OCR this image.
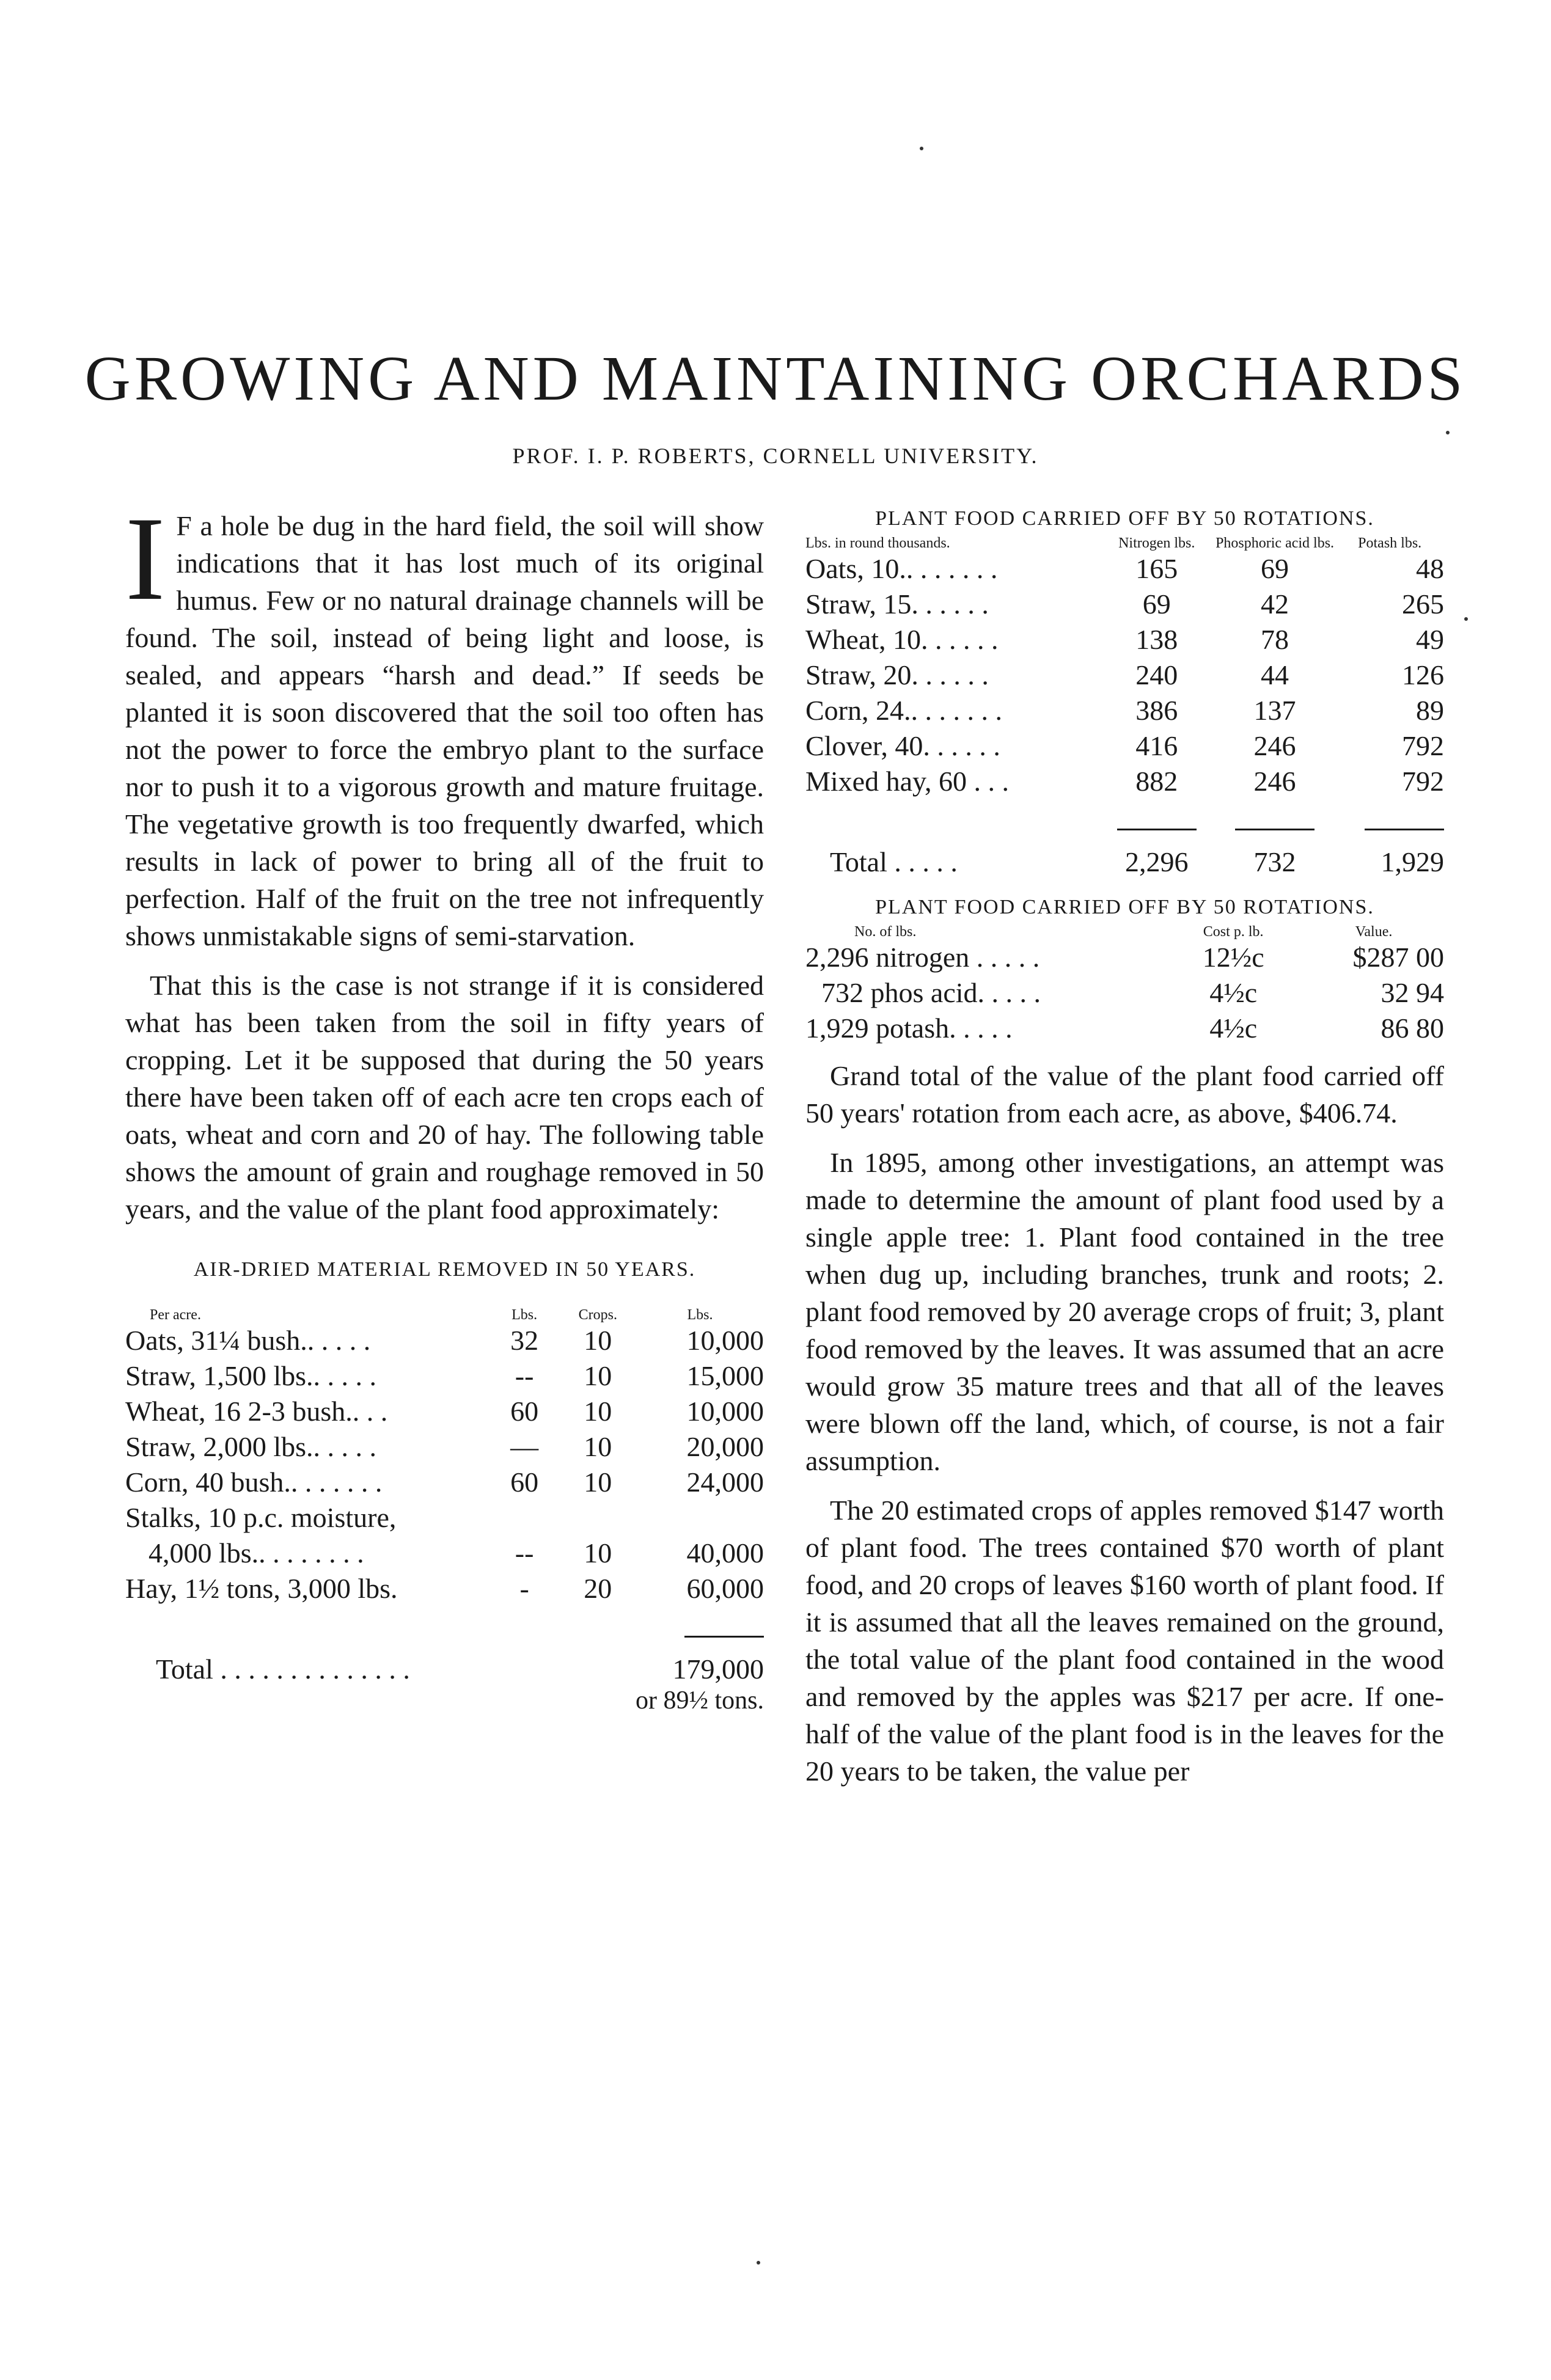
GROWING AND MAINTAINING ORCHARDS
PROF. I. P. ROBERTS, CORNELL UNIVERSITY.

I F a hole be dug in the hard field, the soil will show indications that it has lost much of its original humus. Few or no natural drainage channels will be found. The soil, instead of being light and loose, is sealed, and appears “harsh and dead.” If seeds be planted it is soon discovered that the soil too often has not the power to force the embryo plant to the surface nor to push it to a vigorous growth and mature fruitage. The vegetative growth is too frequently dwarfed, which results in lack of power to bring all of the fruit to perfection. Half of the fruit on the tree not infrequently shows unmistakable signs of semi-starvation.

That this is the case is not strange if it is considered what has been taken from the soil in fifty years of cropping. Let it be supposed that during the 50 years there have been taken off of each acre ten crops each of oats, wheat and corn and 20 of hay. The following table shows the amount of grain and roughage removed in 50 years, and the value of the plant food approximately:

AIR-DRIED MATERIAL REMOVED IN 50 YEARS.

Per acre.	Lbs.	Crops.	Lbs.
Oats, 31¼ bush.. . . . .	32	10	10,000
Straw, 1,500 lbs.. . . . .	--	10	15,000
Wheat, 16 2-3 bush.. . .	60	10	10,000
Straw, 2,000 lbs.. . . . .	—	10	20,000
Corn, 40 bush.. . . . . . .	60	10	24,000
Stalks, 10 p.c. moisture,			
4,000 lbs.. . . . . . . .	--	10	40,000
Hay, 1½ tons, 3,000 lbs.	-	20	60,000

Total . . . . . . . . . . . . . .			179,000
or 89½ tons.			

PLANT FOOD CARRIED OFF BY 50 ROTATIONS.

Lbs. in round thousands.	Nitrogen lbs.	Phosphoric acid lbs.	Potash lbs.
Oats, 10.. . . . . . .	165	69	48
Straw, 15. . . . . .	69	42	265
Wheat, 10. . . . . .	138	78	49
Straw, 20. . . . . .	240	44	126
Corn, 24.. . . . . . .	386	137	89
Clover, 40. . . . . .	416	246	792
Mixed hay, 60 . . .	882	246	792

Total . . . . .	2,296	732	1,929

PLANT FOOD CARRIED OFF BY 50 ROTATIONS.

No. of lbs.	Cost p. lb.	Value.
2,296 nitrogen . . . . .	12½c	$287 00
732 phos acid. . . . .	4½c	32 94
1,929 potash. . . . .	4½c	86 80

Grand total of the value of the plant food carried off 50 years' rotation from each acre, as above, $406.74.

In 1895, among other investigations, an attempt was made to determine the amount of plant food used by a single apple tree: 1. Plant food contained in the tree when dug up, including branches, trunk and roots; 2. plant food removed by 20 average crops of fruit; 3, plant food removed by the leaves. It was assumed that an acre would grow 35 mature trees and that all of the leaves were blown off the land, which, of course, is not a fair assumption.

The 20 estimated crops of apples removed $147 worth of plant food. The trees contained $70 worth of plant food, and 20 crops of leaves $160 worth of plant food. If it is assumed that all the leaves remained on the ground, the total value of the plant food contained in the wood and removed by the apples was $217 per acre. If one-half of the value of the plant food is in the leaves for the 20 years to be taken, the value per
